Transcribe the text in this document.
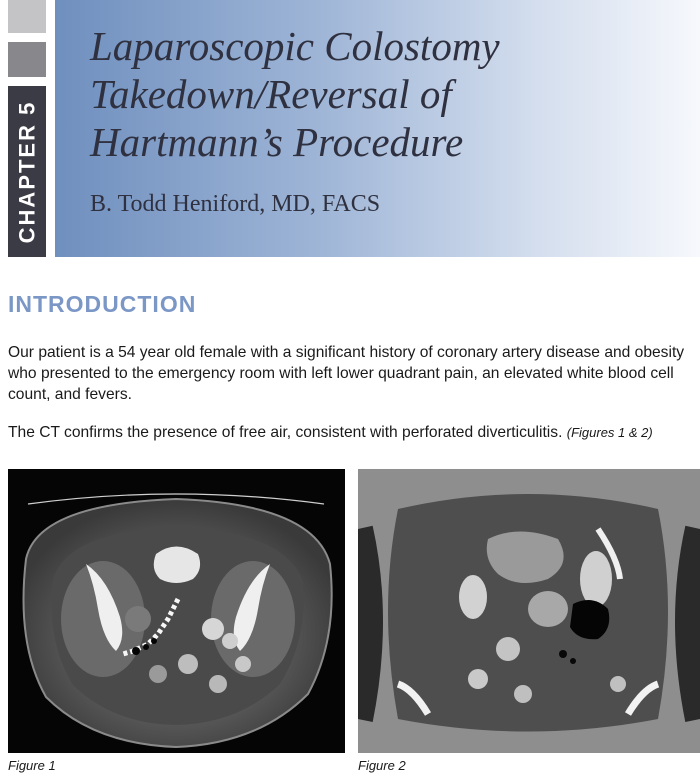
CHAPTER 5
Laparoscopic Colostomy
Takedown/Reversal of
Hartmann’s Procedure

B. Todd Heniford, MD, FACS

INTRODUCTION

Our patient is a 54 year old female with a significant history of coronary artery disease and obesity who presented to the emergency room with left lower quadrant pain, an elevated white blood cell count, and fevers.

The CT confirms the presence of free air, consistent with perforated diverticulitis. (Figures 1 & 2)

Figure 1	Figure 2
